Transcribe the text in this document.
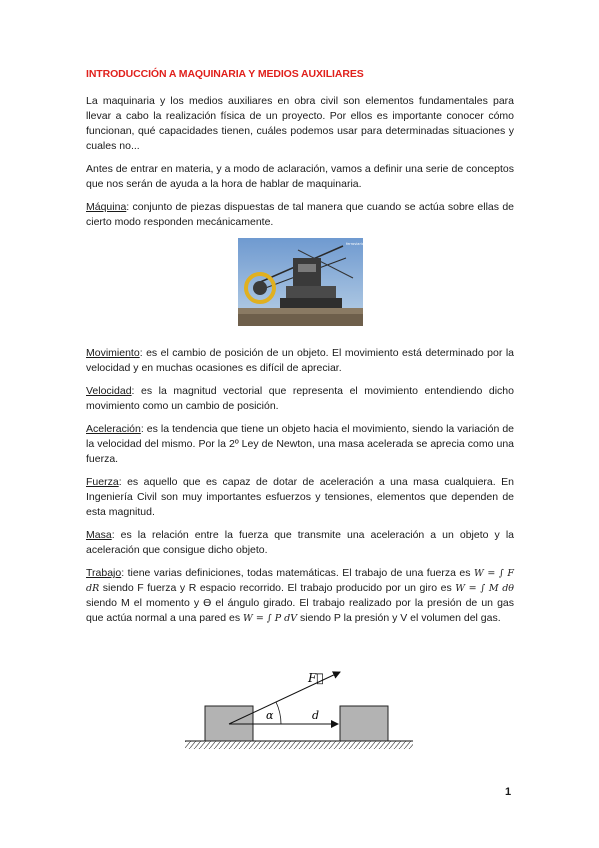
INTRODUCCIÓN A MAQUINARIA Y MEDIOS AUXILIARES

La maquinaria y los medios auxiliares en obra civil son elementos fundamentales para llevar a cabo la realización física de un proyecto. Por ellos es importante conocer cómo funcionan, qué capacidades tienen, cuáles podemos usar para determinadas situaciones y cuales no...

Antes de entrar en materia, y a modo de aclaración, vamos a definir una serie de conceptos que nos serán de ayuda a la hora de hablar de maquinaria.

Máquina: conjunto de piezas dispuestas de tal manera que cuando se actúa sobre ellas de cierto modo responden mecánicamente.

ferroviario.com

Movimiento: es el cambio de posición de un objeto. El movimiento está determinado por la velocidad y en muchas ocasiones es difícil de apreciar.

Velocidad: es la magnitud vectorial que representa el movimiento entendiendo dicho movimiento como un cambio de posición.

Aceleración: es la tendencia que tiene un objeto hacia el movimiento, siendo la variación de la velocidad del mismo. Por la 2º Ley de Newton, una masa acelerada se aprecia como una fuerza.

Fuerza: es aquello que es capaz de dotar de aceleración a una masa cualquiera. En Ingeniería Civil son muy importantes esfuerzos y tensiones, elementos que dependen de esta magnitud.

Masa: es la relación entre la fuerza que transmite una aceleración a un objeto y la aceleración que consigue dicho objeto.

Trabajo: tiene varias definiciones, todas matemáticas. El trabajo de una fuerza es W = ∫ F dR siendo F fuerza y R espacio recorrido. El trabajo producido por un giro es W = ∫ M dθ siendo M el momento y Ɵ el ángulo girado. El trabajo realizado por la presión de un gas que actúa normal a una pared es W = ∫ P dV siendo P la presión y V el volumen del gas.

F⃗
α	d
1
